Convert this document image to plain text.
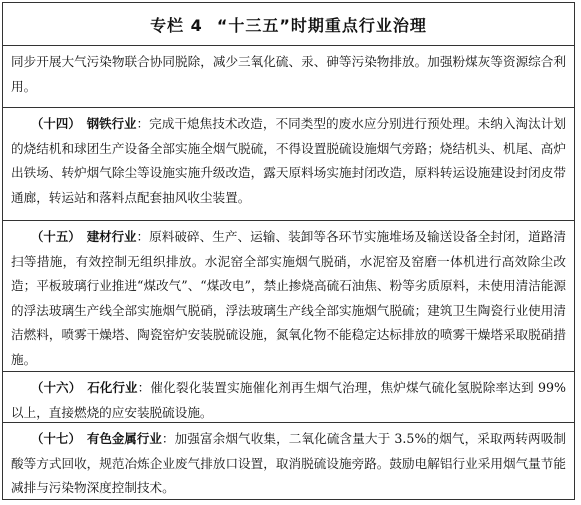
专栏 4 “十三五”时期重点行业治理
同步开展大气污染物联合协同脱除，减少三氧化硫、汞、砷等污染物排放。加强粉煤灰等资源综合利用。
（十四） 钢铁行业：完成干熄焦技术改造，不同类型的废水应分别进行预处理。未纳入淘汰计划的烧结机和球团生产设备全部实施全烟气脱硫，不得设置脱硫设施烟气旁路；烧结机头、机尾、高炉出铁场、转炉烟气除尘等设施实施升级改造，露天原料场实施封闭改造，原料转运设施建设封闭皮带通廊，转运站和落料点配套抽风收尘装置。
（十五） 建材行业：原料破碎、生产、运输、装卸等各环节实施堆场及输送设备全封闭，道路清扫等措施，有效控制无组织排放。水泥窑全部实施烟气脱硝，水泥窑及窑磨一体机进行高效除尘改造；平板玻璃行业推进“煤改气”、“煤改电”，禁止掺烧高硫石油焦、粉等劣质原料，未使用清洁能源的浮法玻璃生产线全部实施烟气脱硝，浮法玻璃生产线全部实施烟气脱硫；建筑卫生陶瓷行业使用清洁燃料，喷雾干燥塔、陶瓷窑炉安装脱硫设施，氮氧化物不能稳定达标排放的喷雾干燥塔采取脱硝措施。
（十六） 石化行业：催化裂化装置实施催化剂再生烟气治理，焦炉煤气硫化氢脱除率达到 99%以上，直接燃烧的应安装脱硫设施。
（十七） 有色金属行业：加强富余烟气收集，二氧化硫含量大于 3.5%的烟气，采取两转两吸制酸等方式回收，规范冶炼企业废气排放口设置，取消脱硫设施旁路。鼓励电解铝行业采用烟气量节能减排与污染物深度控制技术。
